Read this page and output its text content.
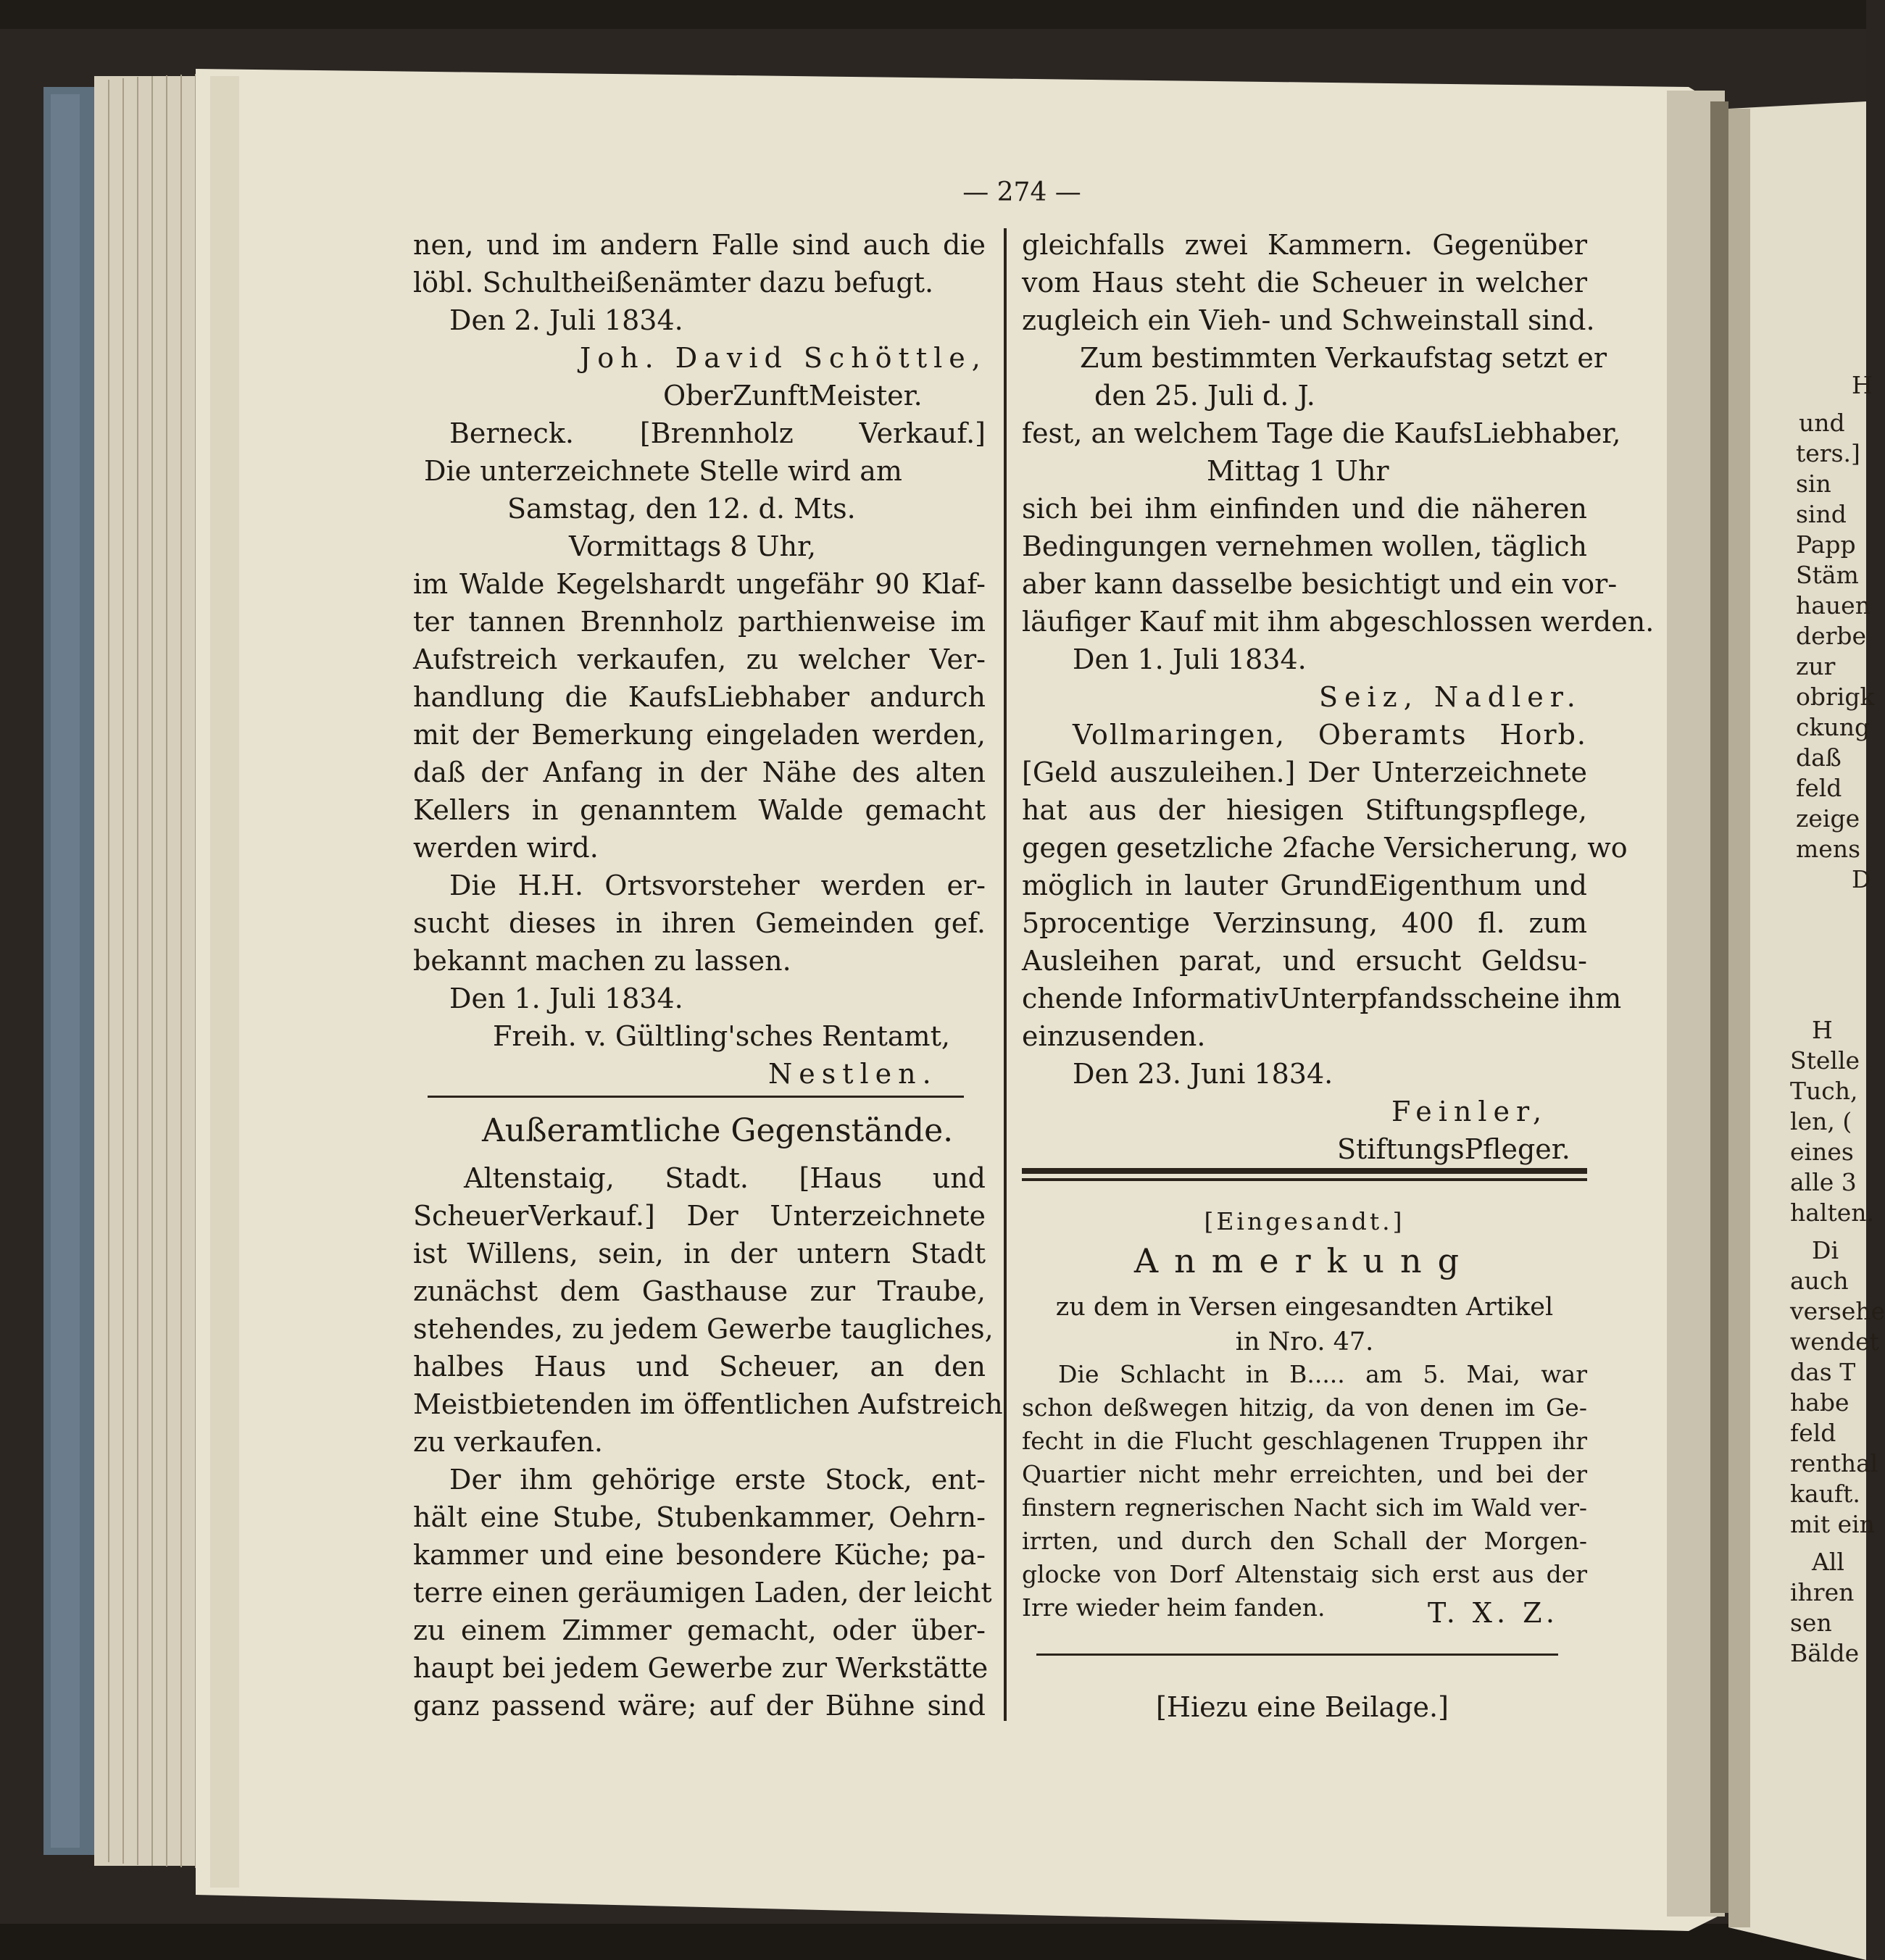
— 274 —
nen, und im andern Falle sind auch die
löbl. Schultheißenämter dazu befugt.
Den 2. Juli 1834.
Joh. David Schöttle,
OberZunftMeister.
Berneck. [Brennholz Verkauf.]
Die unterzeichnete Stelle wird am
Samstag, den 12. d. Mts.
Vormittags 8 Uhr,
im Walde Kegelshardt ungefähr 90 Klaf-
ter tannen Brennholz parthienweise im
Aufstreich verkaufen, zu welcher Ver-
handlung die KaufsLiebhaber andurch
mit der Bemerkung eingeladen werden,
daß der Anfang in der Nähe des alten
Kellers in genanntem Walde gemacht
werden wird.
Die H.H. Ortsvorsteher werden er-
sucht dieses in ihren Gemeinden gef.
bekannt machen zu lassen.
Den 1. Juli 1834.
Freih. v. Gültling'sches Rentamt,
Nestlen.
Außeramtliche Gegenstände.
Altenstaig, Stadt. [Haus und
ScheuerVerkauf.] Der Unterzeichnete
ist Willens, sein, in der untern Stadt
zunächst dem Gasthause zur Traube,
stehendes, zu jedem Gewerbe taugliches,
halbes Haus und Scheuer, an den
Meistbietenden im öffentlichen Aufstreich
zu verkaufen.
Der ihm gehörige erste Stock, ent-
hält eine Stube, Stubenkammer, Oehrn-
kammer und eine besondere Küche; pa-
terre einen geräumigen Laden, der leicht
zu einem Zimmer gemacht, oder über-
haupt bei jedem Gewerbe zur Werkstätte
ganz passend wäre; auf der Bühne sind
gleichfalls zwei Kammern. Gegenüber
vom Haus steht die Scheuer in welcher
zugleich ein Vieh- und Schweinstall sind.
Zum bestimmten Verkaufstag setzt er
den 25. Juli d. J.
fest, an welchem Tage die KaufsLiebhaber,
Mittag 1 Uhr
sich bei ihm einfinden und die näheren
Bedingungen vernehmen wollen, täglich
aber kann dasselbe besichtigt und ein vor-
läufiger Kauf mit ihm abgeschlossen werden.
Den 1. Juli 1834.
Seiz, Nadler.
Vollmaringen, Oberamts Horb.
[Geld auszuleihen.] Der Unterzeichnete
hat aus der hiesigen Stiftungspflege,
gegen gesetzliche 2fache Versicherung, wo
möglich in lauter GrundEigenthum und
5procentige Verzinsung, 400 fl. zum
Ausleihen parat, und ersucht Geldsu-
chende InformativUnterpfandsscheine ihm
einzusenden.
Den 23. Juni 1834.
Feinler,
StiftungsPfleger.
[Eingesandt.]
Anmerkung
zu dem in Versen eingesandten Artikel
in Nro. 47.
Die Schlacht in B..... am 5. Mai, war
schon deßwegen hitzig, da von denen im Ge-
fecht in die Flucht geschlagenen Truppen ihr
Quartier nicht mehr erreichten, und bei der
finstern regnerischen Nacht sich im Wald ver-
irrten, und durch den Schall der Morgen-
glocke von Dorf Altenstaig sich erst aus der
Irre wieder heim fanden.	T. X. Z.
[Hiezu eine Beilage.]
H
und
ters.]
sin
sind
Papp
Stäm
hauen
derbe
zur
obrigk
ckung
daß
feld
zeige
mens
D
H
Stelle
Tuch,
len, (
eines
alle 3
halten.
Di
auch
versehe
wendet
das T
habe
feld
renthal
kauft.
mit ein
All
ihren
sen
Bälde
